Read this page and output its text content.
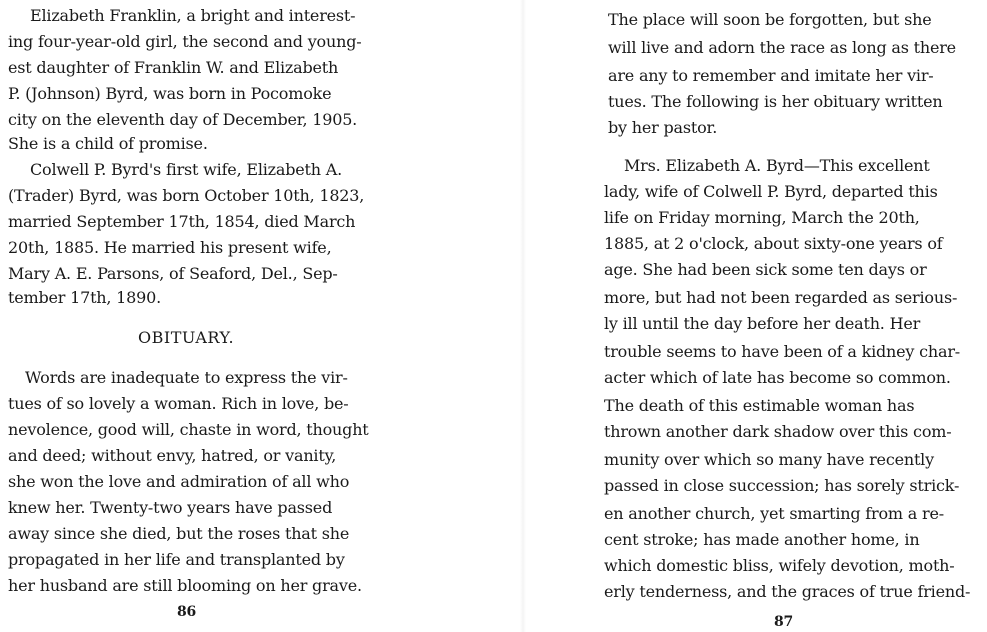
Elizabeth Franklin, a bright and interest-
ing four-year-old girl, the second and young-
est daughter of Franklin W. and Elizabeth
P. (Johnson) Byrd, was born in Pocomoke
city on the eleventh day of December, 1905.
She is a child of promise.
Colwell P. Byrd's first wife, Elizabeth A.
(Trader) Byrd, was born October 10th, 1823,
married September 17th, 1854, died March
20th, 1885. He married his present wife,
Mary A. E. Parsons, of Seaford, Del., Sep-
tember 17th, 1890.
OBITUARY.
Words are inadequate to express the vir-
tues of so lovely a woman. Rich in love, be-
nevolence, good will, chaste in word, thought
and deed; without envy, hatred, or vanity,
she won the love and admiration of all who
knew her. Twenty-two years have passed
away since she died, but the roses that she
propagated in her life and transplanted by
her husband are still blooming on her grave.
86
The place will soon be forgotten, but she
will live and adorn the race as long as there
are any to remember and imitate her vir-
tues. The following is her obituary written
by her pastor.
Mrs. Elizabeth A. Byrd—This excellent
lady, wife of Colwell P. Byrd, departed this
life on Friday morning, March the 20th,
1885, at 2 o'clock, about sixty-one years of
age. She had been sick some ten days or
more, but had not been regarded as serious-
ly ill until the day before her death. Her
trouble seems to have been of a kidney char-
acter which of late has become so common.
The death of this estimable woman has
thrown another dark shadow over this com-
munity over which so many have recently
passed in close succession; has sorely strick-
en another church, yet smarting from a re-
cent stroke; has made another home, in
which domestic bliss, wifely devotion, moth-
erly tenderness, and the graces of true friend-
87
